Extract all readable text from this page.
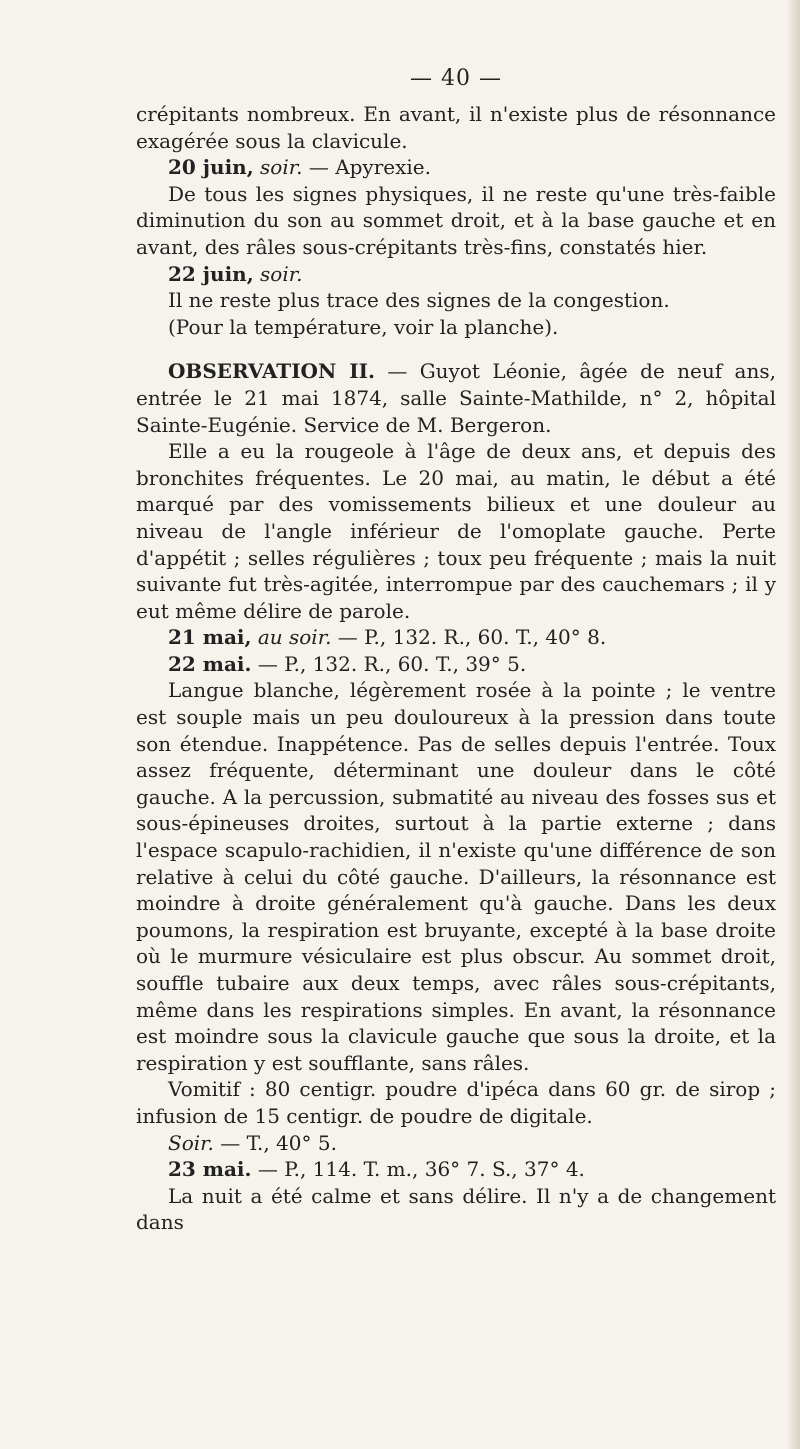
— 40 —

crépitants nombreux. En avant, il n'existe plus de résonnance exagérée sous la clavicule.

20 juin, soir. — Apyrexie.

De tous les signes physiques, il ne reste qu'une très-faible diminution du son au sommet droit, et à la base gauche et en avant, des râles sous-crépitants très-fins, constatés hier.

22 juin, soir.

Il ne reste plus trace des signes de la congestion.

(Pour la température, voir la planche).

OBSERVATION II. — Guyot Léonie, âgée de neuf ans, entrée le 21 mai 1874, salle Sainte-Mathilde, n° 2, hôpital Sainte-Eugénie. Service de M. Bergeron.

Elle a eu la rougeole à l'âge de deux ans, et depuis des bronchites fréquentes. Le 20 mai, au matin, le début a été marqué par des vomissements bilieux et une douleur au niveau de l'angle inférieur de l'omoplate gauche. Perte d'appétit ; selles régulières ; toux peu fréquente ; mais la nuit suivante fut très-agitée, interrompue par des cauchemars ; il y eut même délire de parole.

21 mai, au soir. — P., 132. R., 60. T., 40° 8.

22 mai. — P., 132. R., 60. T., 39° 5.

Langue blanche, légèrement rosée à la pointe ; le ventre est souple mais un peu douloureux à la pression dans toute son étendue. Inappétence. Pas de selles depuis l'entrée. Toux assez fréquente, déterminant une douleur dans le côté gauche. A la percussion, submatité au niveau des fosses sus et sous-épineuses droites, surtout à la partie externe ; dans l'espace scapulo-rachidien, il n'existe qu'une différence de son relative à celui du côté gauche. D'ailleurs, la résonnance est moindre à droite généralement qu'à gauche. Dans les deux poumons, la respiration est bruyante, excepté à la base droite où le murmure vésiculaire est plus obscur. Au sommet droit, souffle tubaire aux deux temps, avec râles sous-crépitants, même dans les respirations simples. En avant, la résonnance est moindre sous la clavicule gauche que sous la droite, et la respiration y est soufflante, sans râles.

Vomitif : 80 centigr. poudre d'ipéca dans 60 gr. de sirop ; infusion de 15 centigr. de poudre de digitale.

Soir. — T., 40° 5.

23 mai. — P., 114. T. m., 36° 7. S., 37° 4.

La nuit a été calme et sans délire. Il n'y a de changement dans
